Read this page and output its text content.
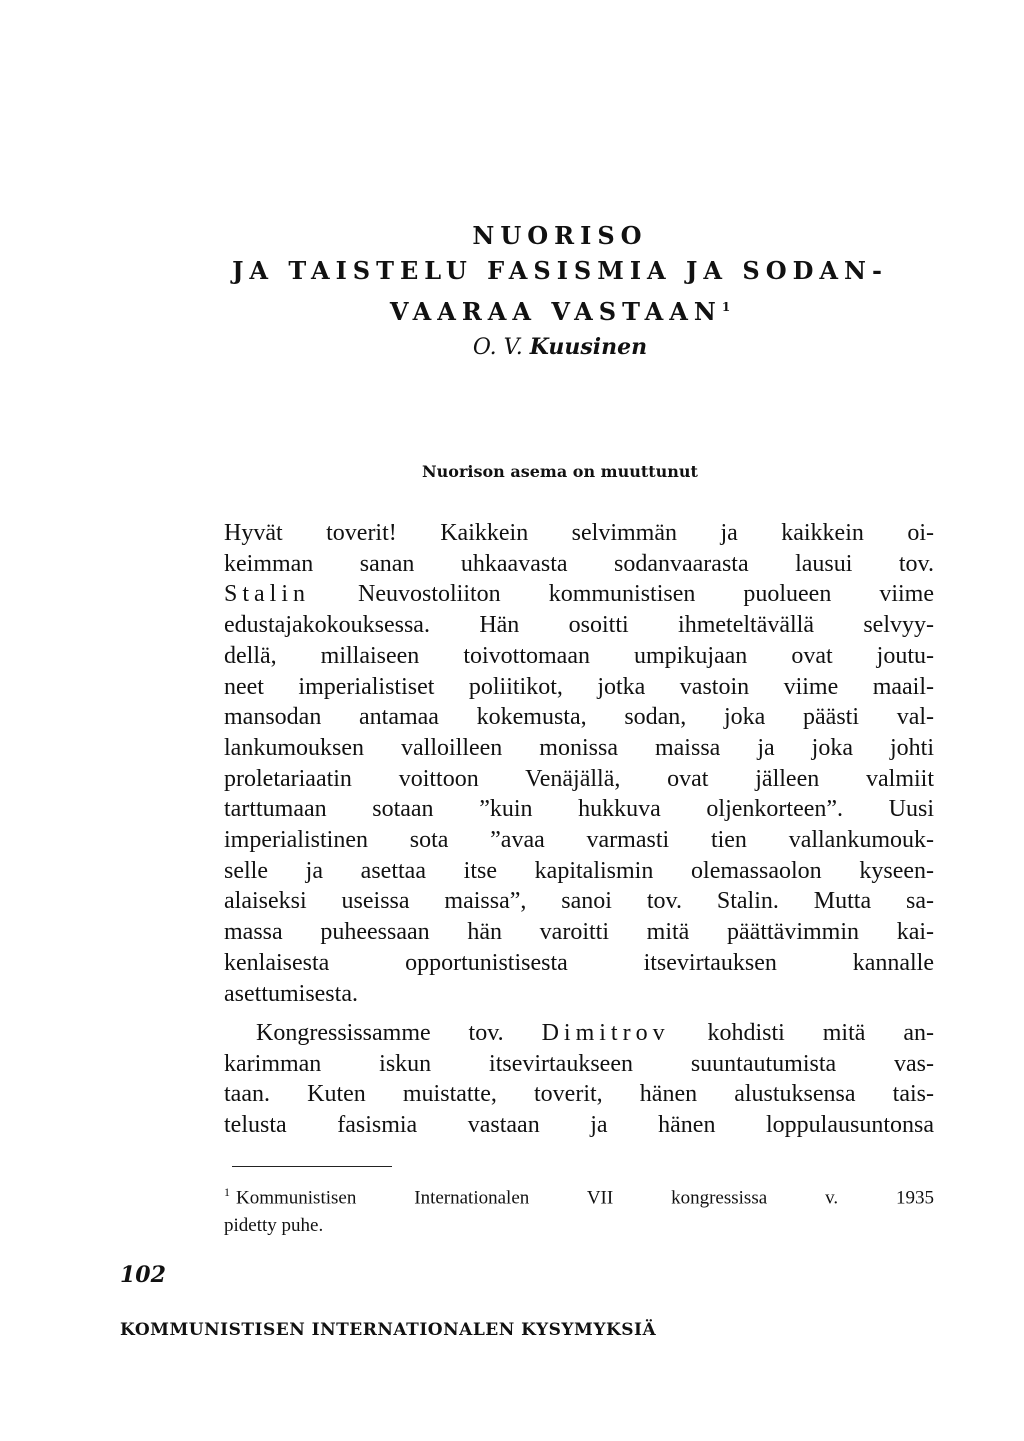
NUORISO
JA TAISTELU FASISMIA JA SODAN-
VAARAA VASTAAN$^1$
O. V. Kuusinen
Nuorison asema on muuttunut
Hyvät toverit! Kaikkein selvimmän ja kaikkein oi-
keimman sanan uhkaavasta sodanvaarasta lausui tov.
Stalin Neuvostoliiton kommunistisen puolueen viime
edustajakokouksessa. Hän osoitti ihmeteltävällä selvyy-
dellä, millaiseen toivottomaan umpikujaan ovat joutu-
neet imperialistiset poliitikot, jotka vastoin viime maail-
mansodan antamaa kokemusta, sodan, joka päästi val-
lankumouksen valloilleen monissa maissa ja joka johti
proletariaatin voittoon Venäjällä, ovat jälleen valmiit
tarttumaan sotaan ”kuin hukkuva oljenkorteen”. Uusi
imperialistinen sota ”avaa varmasti tien vallankumouk-
selle ja asettaa itse kapitalismin olemassaolon kyseen-
alaiseksi useissa maissa”, sanoi tov. Stalin. Mutta sa-
massa puheessaan hän varoitti mitä päättävimmin kai-
kenlaisesta opportunistisesta itsevirtauksen kannalle
asettumisesta.
Kongressissamme tov. Dimitrov kohdisti mitä an-
karimman iskun itsevirtaukseen suuntautumista vas-
taan. Kuten muistatte, toverit, hänen alustuksensa tais-
telusta fasismia vastaan ja hänen loppulausuntonsa
$^1$ Kommunistisen Internationalen VII kongressissa v. 1935
pidetty puhe.
102
KOMMUNISTISEN INTERNATIONALEN KYSYMYKSIÄ
